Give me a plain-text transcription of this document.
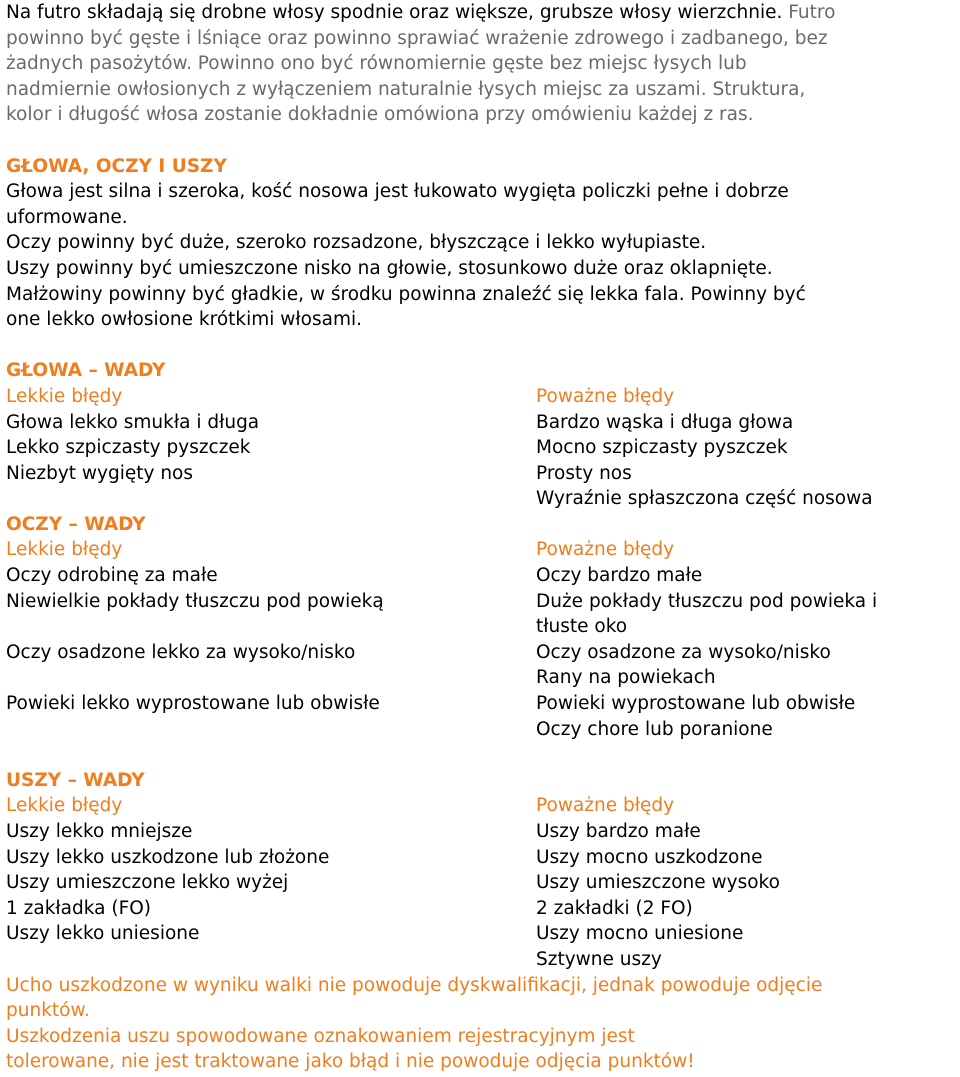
Na futro składają się drobne włosy spodnie oraz większe, grubsze włosy wierzchnie. Futro

powinno być gęste i lśniące oraz powinno sprawiać wrażenie zdrowego i zadbanego, bez

żadnych pasożytów. Powinno ono być równomiernie gęste bez miejsc łysych lub

nadmiernie owłosionych z wyłączeniem naturalnie łysych miejsc za uszami. Struktura,

kolor i długość włosa zostanie dokładnie omówiona przy omówieniu każdej z ras.

GŁOWA, OCZY I USZY

Głowa jest silna i szeroka, kość nosowa jest łukowato wygięta policzki pełne i dobrze

uformowane.

Oczy powinny być duże, szeroko rozsadzone, błyszczące i lekko wyłupiaste.

Uszy powinny być umieszczone nisko na głowie, stosunkowo duże oraz oklapnięte.

Małżowiny powinny być gładkie, w środku powinna znaleźć się lekka fala. Powinny być

one lekko owłosione krótkimi włosami.

GŁOWA – WADY

Lekkie błędy

Głowa lekko smukła i długa

Lekko szpiczasty pyszczek

Niezbyt wygięty nos

Poważne błędy

Bardzo wąska i długa głowa

Mocno szpiczasty pyszczek

Prosty nos

Wyraźnie spłaszczona część nosowa

OCZY – WADY

Lekkie błędy

Oczy odrobinę za małe

Niewielkie pokłady tłuszczu pod powieką

Oczy osadzone lekko za wysoko/nisko

Powieki lekko wyprostowane lub obwisłe

Poważne błędy

Oczy bardzo małe

Duże pokłady tłuszczu pod powieka i

tłuste oko

Oczy osadzone za wysoko/nisko

Rany na powiekach

Powieki wyprostowane lub obwisłe

Oczy chore lub poranione

USZY – WADY

Lekkie błędy

Uszy lekko mniejsze

Uszy lekko uszkodzone lub złożone

Uszy umieszczone lekko wyżej

1 zakładka (FO)

Uszy lekko uniesione

Poważne błędy

Uszy bardzo małe

Uszy mocno uszkodzone

Uszy umieszczone wysoko

2 zakładki (2 FO)

Uszy mocno uniesione

Sztywne uszy

Ucho uszkodzone w wyniku walki nie powoduje dyskwalifikacji, jednak powoduje odjęcie

punktów.

Uszkodzenia uszu spowodowane oznakowaniem rejestracyjnym jest

tolerowane, nie jest traktowane jako błąd i nie powoduje odjęcia punktów!
